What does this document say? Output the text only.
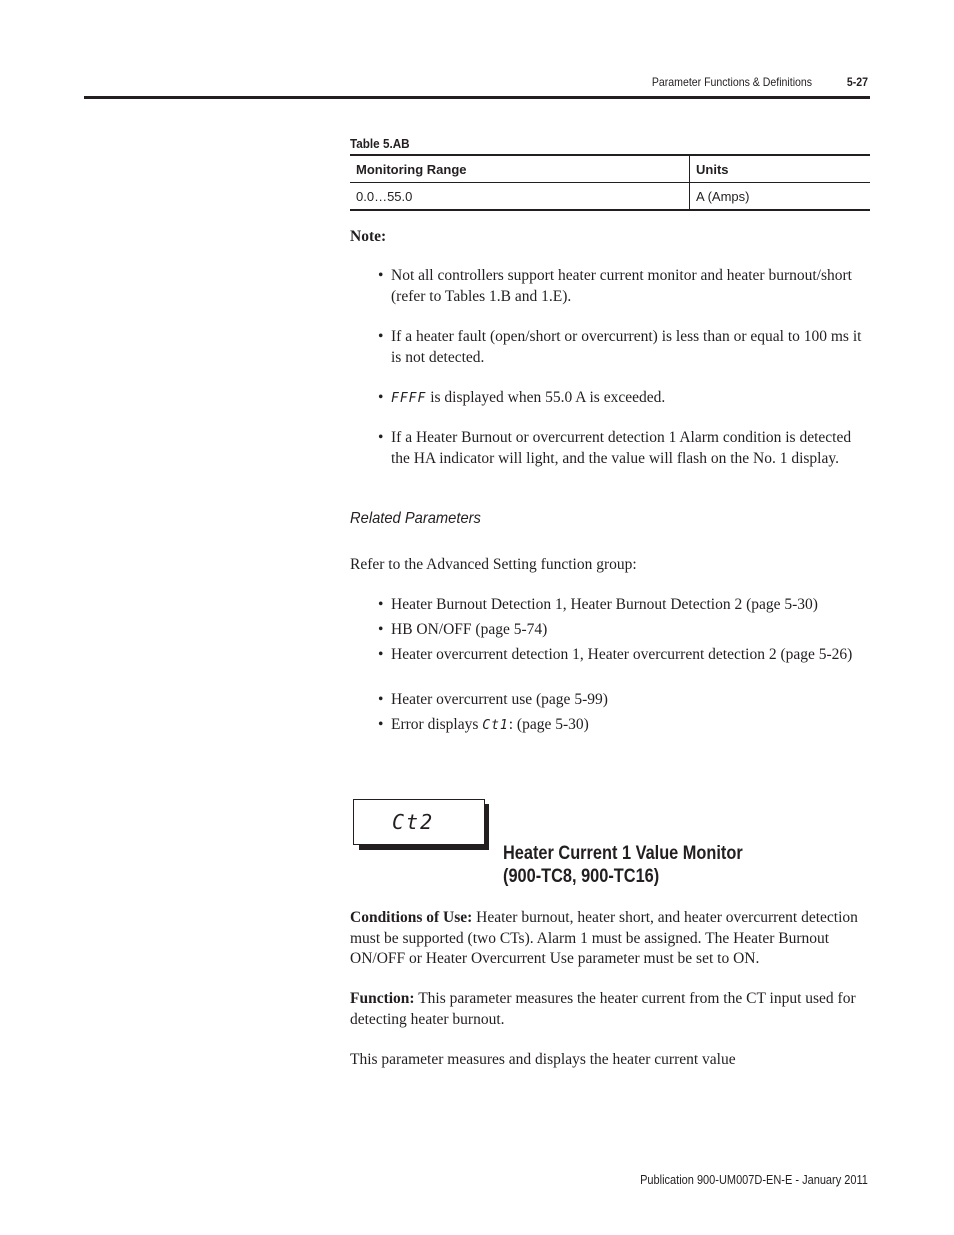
Parameter Functions & Definitions	5-27
Table 5.AB
Monitoring Range	Units
0.0…55.0	A (Amps)
Note:
• Not all controllers support heater current monitor and heater burnout/short (refer to Tables 1.B and 1.E).
• If a heater fault (open/short or overcurrent) is less than or equal to 100 ms it is not detected.
• FFFF is displayed when 55.0 A is exceeded.
• If a Heater Burnout or overcurrent detection 1 Alarm condition is detected the HA indicator will light, and the value will flash on the No. 1 display.
Related Parameters
Refer to the Advanced Setting function group:
• Heater Burnout Detection 1, Heater Burnout Detection 2 (page 5-30)
• HB ON/OFF (page 5-74)
• Heater overcurrent detection 1, Heater overcurrent detection 2 (page 5-26)
• Heater overcurrent use (page 5-99)
• Error displays Ct1: (page 5-30)
Ct2
Heater Current 1 Value Monitor
(900-TC8, 900-TC16)
Conditions of Use: Heater burnout, heater short, and heater overcurrent detection must be supported (two CTs). Alarm 1 must be assigned. The Heater Burnout ON/OFF or Heater Overcurrent Use parameter must be set to ON.
Function: This parameter measures the heater current from the CT input used for detecting heater burnout.
This parameter measures and displays the heater current value
Publication 900-UM007D-EN-E - January 2011
